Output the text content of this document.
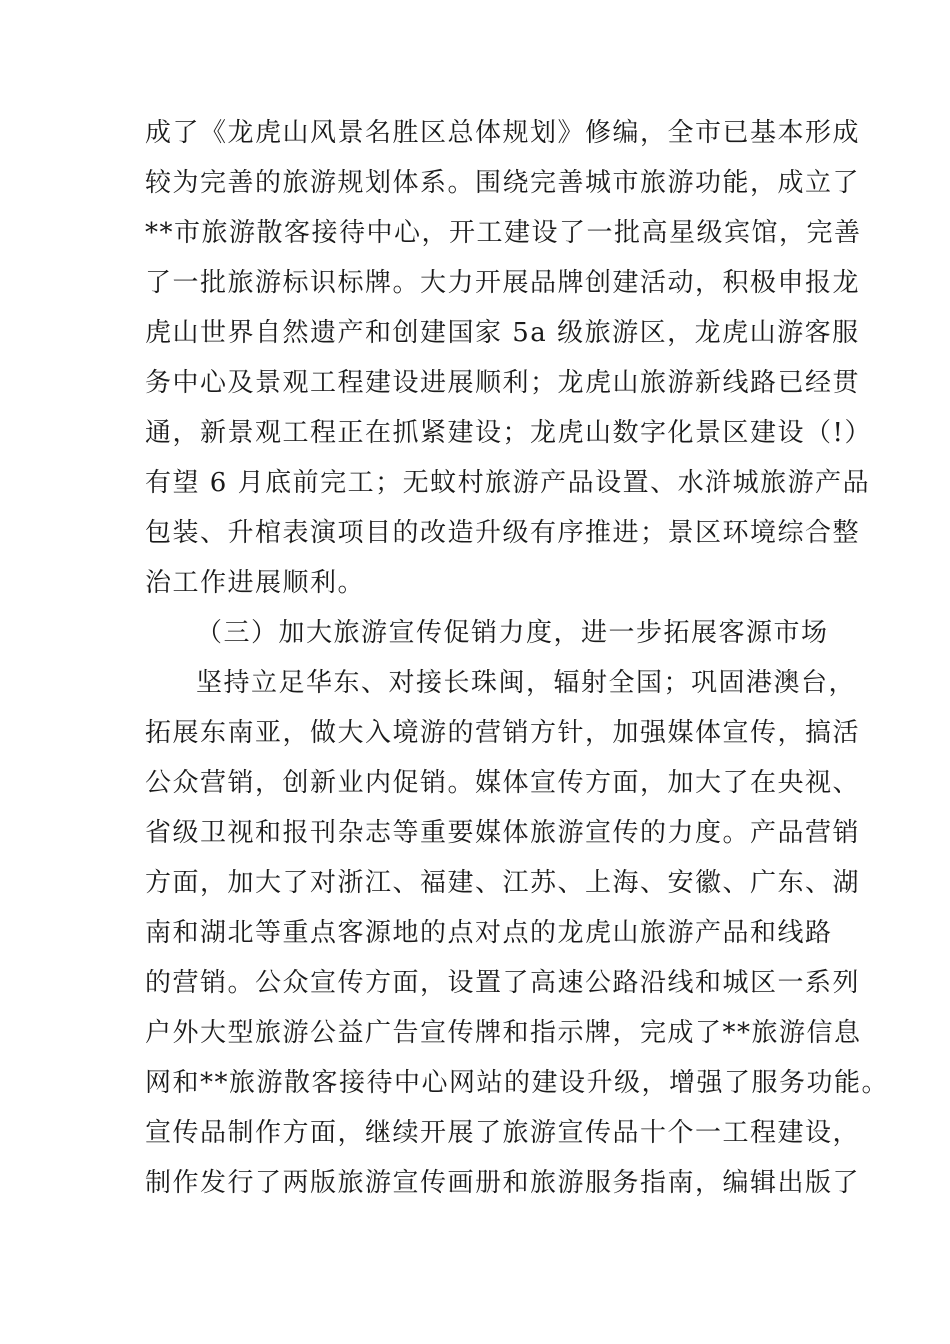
成了《龙虎山风景名胜区总体规划》修编，全市已基本形成
较为完善的旅游规划体系。围绕完善城市旅游功能，成立了
**市旅游散客接待中心，开工建设了一批高星级宾馆，完善
了一批旅游标识标牌。大力开展品牌创建活动，积极申报龙
虎山世界自然遗产和创建国家 5a 级旅游区，龙虎山游客服
务中心及景观工程建设进展顺利；龙虎山旅游新线路已经贯
通，新景观工程正在抓紧建设；龙虎山数字化景区建设（!）
有望 6 月底前完工；无蚊村旅游产品设置、水浒城旅游产品
包装、升棺表演项目的改造升级有序推进；景区环境综合整
治工作进展顺利。
（三）加大旅游宣传促销力度，进一步拓展客源市场
坚持立足华东、对接长珠闽，辐射全国；巩固港澳台，
拓展东南亚，做大入境游的营销方针，加强媒体宣传，搞活
公众营销，创新业内促销。媒体宣传方面，加大了在央视、
省级卫视和报刊杂志等重要媒体旅游宣传的力度。产品营销
方面，加大了对浙江、福建、江苏、上海、安徽、广东、湖
南和湖北等重点客源地的点对点的龙虎山旅游产品和线路
的营销。公众宣传方面，设置了高速公路沿线和城区一系列
户外大型旅游公益广告宣传牌和指示牌，完成了**旅游信息
网和**旅游散客接待中心网站的建设升级，增强了服务功能。
宣传品制作方面，继续开展了旅游宣传品十个一工程建设，
制作发行了两版旅游宣传画册和旅游服务指南，编辑出版了
